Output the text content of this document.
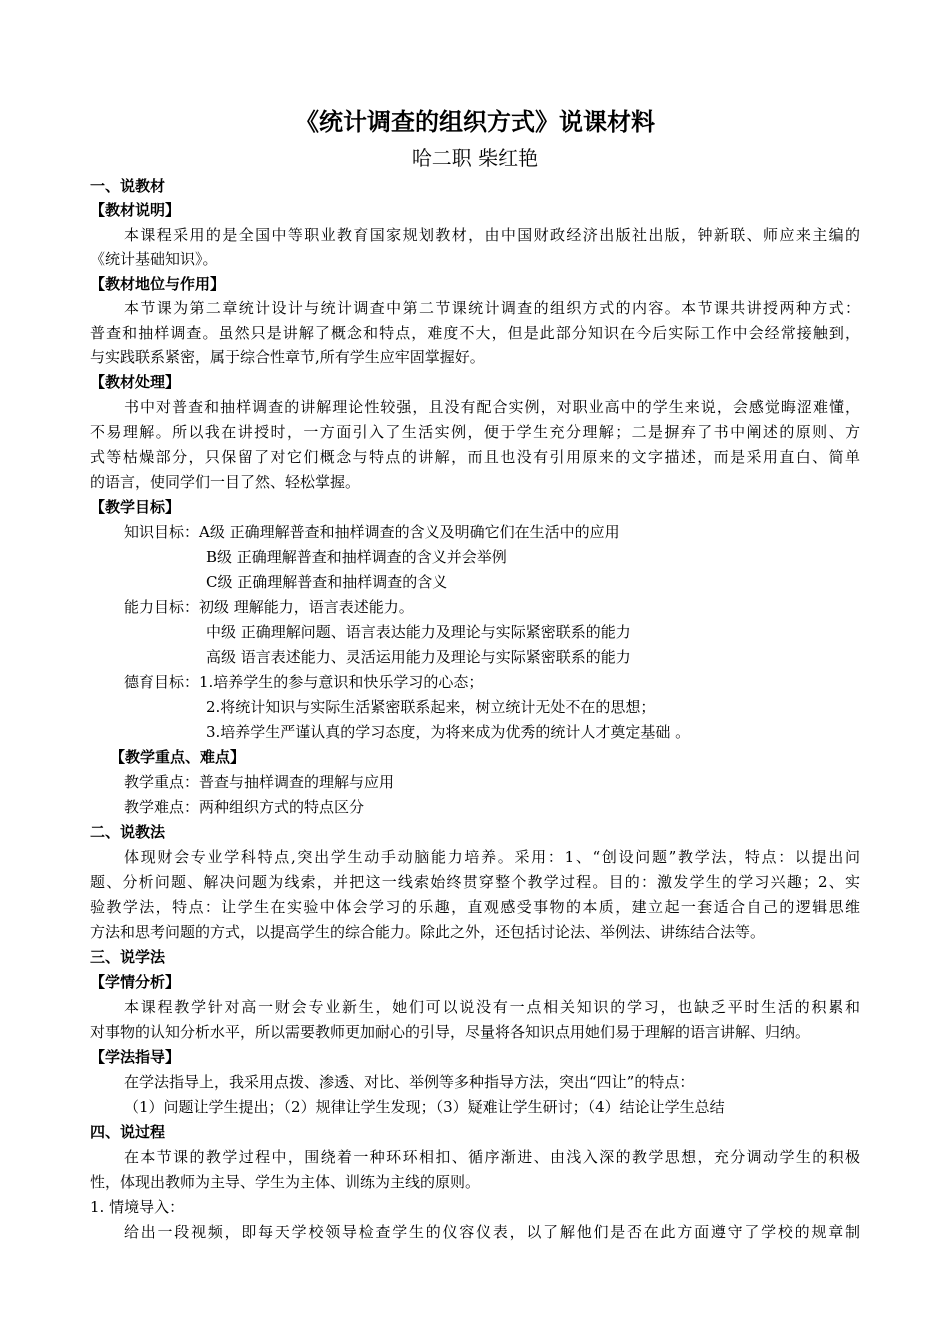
《统计调查的组织方式》说课材料
哈二职 柴红艳
一、说教材
【教材说明】
本课程采用的是全国中等职业教育国家规划教材，由中国财政经济出版社出版，钟新联、师应来主编的
《统计基础知识》。
【教材地位与作用】
本节课为第二章统计设计与统计调查中第二节课统计调查的组织方式的内容。本节课共讲授两种方式：
普查和抽样调查。虽然只是讲解了概念和特点，难度不大，但是此部分知识在今后实际工作中会经常接触到，
与实践联系紧密，属于综合性章节,所有学生应牢固掌握好。
【教材处理】
书中对普查和抽样调查的讲解理论性较强，且没有配合实例，对职业高中的学生来说，会感觉晦涩难懂，
不易理解。所以我在讲授时，一方面引入了生活实例，便于学生充分理解；二是摒弃了书中阐述的原则、方
式等枯燥部分，只保留了对它们概念与特点的讲解，而且也没有引用原来的文字描述，而是采用直白、简单
的语言，使同学们一目了然、轻松掌握。
【教学目标】
知识目标：A级 正确理解普查和抽样调查的含义及明确它们在生活中的应用
B级 正确理解普查和抽样调查的含义并会举例
C级 正确理解普查和抽样调查的含义
能力目标：初级 理解能力，语言表述能力。
中级 正确理解问题、语言表达能力及理论与实际紧密联系的能力
高级 语言表述能力、灵活运用能力及理论与实际紧密联系的能力
德育目标：1.培养学生的参与意识和快乐学习的心态；
2.将统计知识与实际生活紧密联系起来，树立统计无处不在的思想；
3.培养学生严谨认真的学习态度，为将来成为优秀的统计人才奠定基础 。
【教学重点、难点】
教学重点：普查与抽样调查的理解与应用
教学难点：两种组织方式的特点区分
二、说教法
体现财会专业学科特点,突出学生动手动脑能力培养。采用：1、“创设问题”教学法，特点：以提出问
题、分析问题、解决问题为线索，并把这一线索始终贯穿整个教学过程。目的：激发学生的学习兴趣；2、实
验教学法，特点：让学生在实验中体会学习的乐趣，直观感受事物的本质，建立起一套适合自己的逻辑思维
方法和思考问题的方式，以提高学生的综合能力。除此之外，还包括讨论法、举例法、讲练结合法等。
三、说学法
【学情分析】
本课程教学针对高一财会专业新生，她们可以说没有一点相关知识的学习，也缺乏平时生活的积累和
对事物的认知分析水平，所以需要教师更加耐心的引导，尽量将各知识点用她们易于理解的语言讲解、归纳。
【学法指导】
在学法指导上，我采用点拨、渗透、对比、举例等多种指导方法，突出“四让”的特点：
（1）问题让学生提出；（2）规律让学生发现；（3）疑难让学生研讨；（4）结论让学生总结
四、说过程
在本节课的教学过程中，围绕着一种环环相扣、循序渐进、由浅入深的教学思想，充分调动学生的积极
性，体现出教师为主导、学生为主体、训练为主线的原则。
1. 情境导入：
给出一段视频，即每天学校领导检查学生的仪容仪表，以了解他们是否在此方面遵守了学校的规章制
